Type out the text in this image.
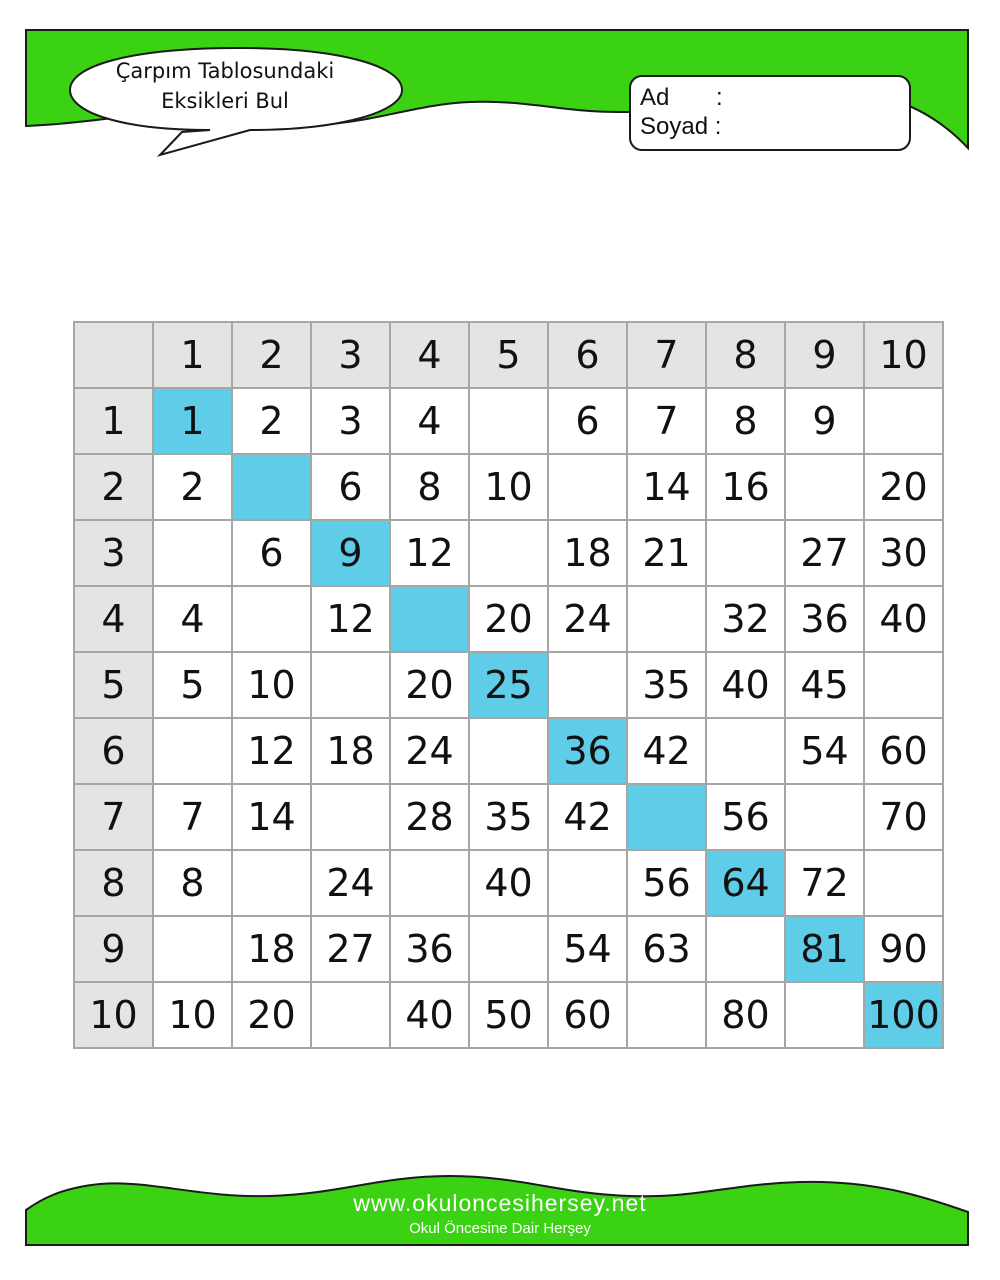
Çarpım Tablosundaki
Eksikleri Bul	Ad       :
Soyad :
	1	2	3	4	5	6	7	8	9	10
1	1	2	3	4		6	7	8	9	
2	2		6	8	10		14	16		20
3		6	9	12		18	21		27	30
4	4		12		20	24		32	36	40
5	5	10		20	25		35	40	45	
6		12	18	24		36	42		54	60
7	7	14		28	35	42		56		70
8	8		24		40		56	64	72	
9		18	27	36		54	63		81	90
10	10	20		40	50	60		80		100
www.okuloncesihersey.net
Okul Öncesine Dair Herşey
